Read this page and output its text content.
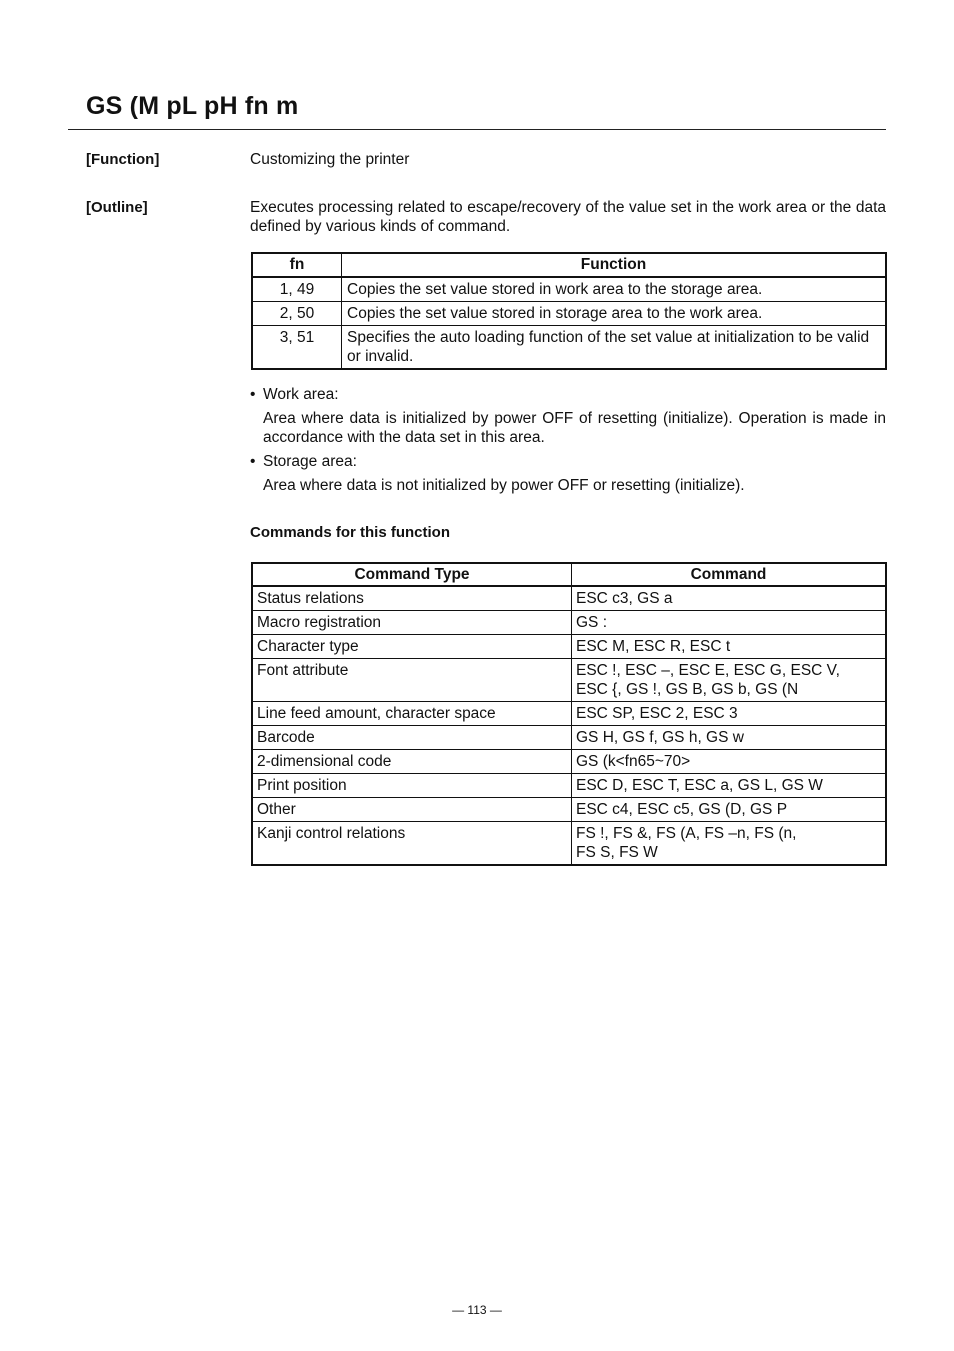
GS (M pL pH fn m
[Function]	Customizing the printer
[Outline]	Executes processing related to escape/recovery of the value set in the work area or the data defined by various kinds of command.
fn	Function
1, 49	Copies the set value stored in work area to the storage area.
2, 50	Copies the set value stored in storage area to the work area.
3, 51	Specifies the auto loading function of the set value at initialization to be valid or invalid.
• Work area:
Area where data is initialized by power OFF of resetting (initialize). Operation is made in accordance with the data set in this area.
• Storage area:
Area where data is not initialized by power OFF or resetting (initialize).
Commands for this function
Command Type	Command
Status relations	ESC c3, GS a

Macro registration	GS :

Character type	ESC M, ESC R, ESC t

Font attribute	ESC !, ESC –, ESC E, ESC G, ESC V,
ESC {, GS !, GS B, GS b, GS (N

Line feed amount, character space	ESC SP, ESC 2, ESC 3

Barcode	GS H, GS f, GS h, GS w

2-dimensional code	GS (k<fn65~70>

Print position	ESC D, ESC T, ESC a, GS L, GS W

Other	ESC c4, ESC c5, GS (D, GS P

Kanji control relations	FS !, FS &, FS (A, FS –n, FS (n,
FS S, FS W
— 113 —
